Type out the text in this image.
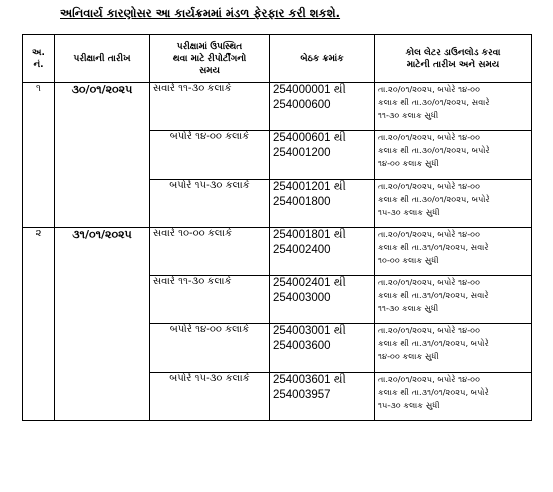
અનિવાર્ય કારણોસર આ કાર્યક્રમમાં મંડળ ફેરફાર કરી શકશે.
અ.
નં.	પરીક્ષાની તારીખ	પરીક્ષામાં ઉપસ્થિત
થવા માટે રીપોર્ટીંગનો
સમય	બેઠક ક્રમાંક	કોલ લેટર ડાઉનલોડ કરવા
માટેની તારીખ અને સમય
૧	૩૦/૦૧/૨૦૨૫	સવારે ૧૧-૩૦ કલાકે	254000001 થી
254000600	તા.૨૦/૦૧/૨૦૨૫, બપોરે ૧૪-૦૦
કલાક થી તા.૩૦/૦૧/૨૦૨૫, સવારે
૧૧-૩૦ કલાક સુધી

		બપોરે ૧૪-૦૦ કલાકે	254000601 થી
254001200	તા.૨૦/૦૧/૨૦૨૫, બપોરે ૧૪-૦૦
કલાક થી તા.૩૦/૦૧/૨૦૨૫, બપોરે
૧૪-૦૦ કલાક સુધી

		બપોરે ૧૫-૩૦ કલાકે	254001201 થી
254001800	તા.૨૦/૦૧/૨૦૨૫, બપોરે ૧૪-૦૦
કલાક થી તા.૩૦/૦૧/૨૦૨૫, બપોરે
૧૫-૩૦ કલાક સુધી

૨	૩૧/૦૧/૨૦૨૫	સવારે ૧૦-૦૦ કલાકે	254001801 થી
254002400	તા.૨૦/૦૧/૨૦૨૫, બપોરે ૧૪-૦૦
કલાક થી તા.૩૧/૦૧/૨૦૨૫, સવારે
૧૦-૦૦ કલાક સુધી

		સવારે ૧૧-૩૦ કલાકે	254002401 થી
254003000	તા.૨૦/૦૧/૨૦૨૫, બપોરે ૧૪-૦૦
કલાક થી તા.૩૧/૦૧/૨૦૨૫, સવારે
૧૧-૩૦ કલાક સુધી

		બપોરે ૧૪-૦૦ કલાકે	254003001 થી
254003600	તા.૨૦/૦૧/૨૦૨૫, બપોરે ૧૪-૦૦
કલાક થી તા.૩૧/૦૧/૨૦૨૫, બપોરે
૧૪-૦૦ કલાક સુધી

		બપોરે ૧૫-૩૦ કલાકે	254003601 થી
254003957	તા.૨૦/૦૧/૨૦૨૫, બપોરે ૧૪-૦૦
કલાક થી તા.૩૧/૦૧/૨૦૨૫, બપોરે
૧૫-૩૦ કલાક સુધી
